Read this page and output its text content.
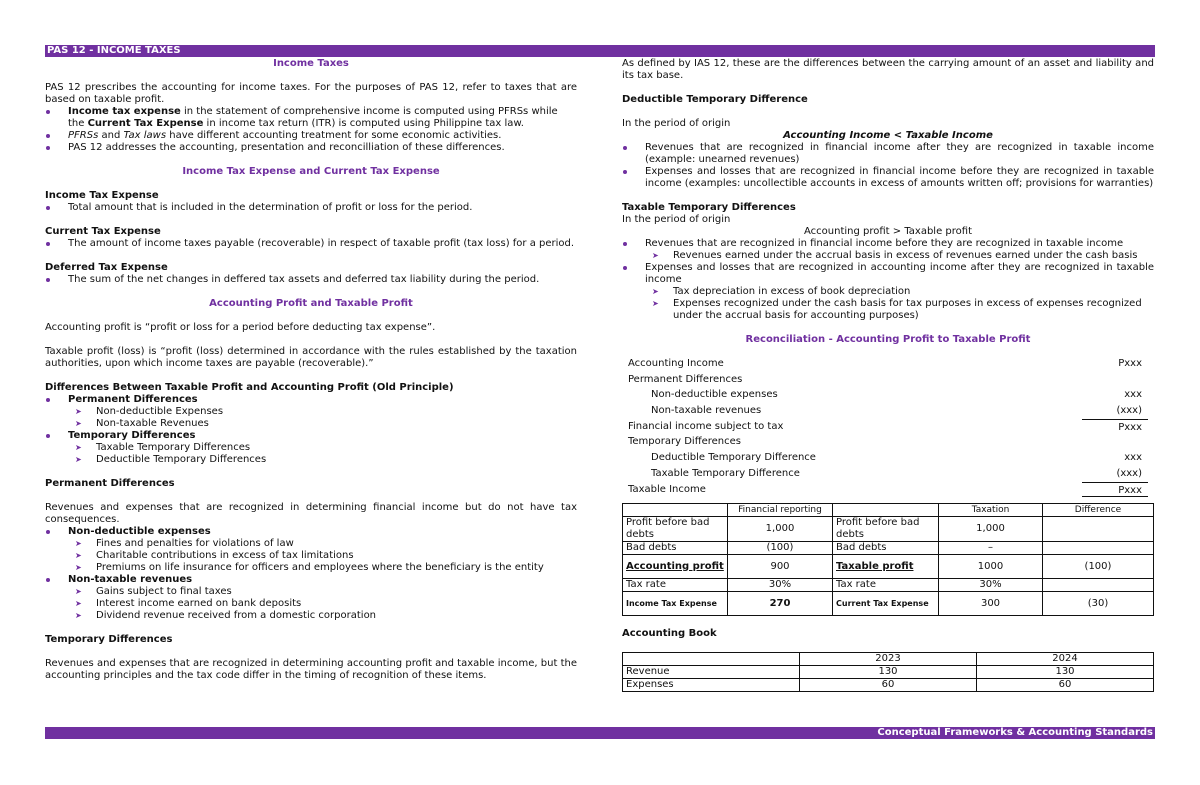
PAS 12 - INCOME TAXES
Income Taxes
PAS 12 prescribes the accounting for income taxes. For the purposes of PAS 12, refer to taxes that are based on taxable profit.
Income tax expense in the statement of comprehensive income is computed using PFRSs while the Current Tax Expense in income tax return (ITR) is computed using Philippine tax law.
PFRSs and Tax laws have different accounting treatment for some economic activities.
PAS 12 addresses the accounting, presentation and reconcilliation of these differences.
Income Tax Expense and Current Tax Expense
Income Tax Expense
Total amount that is included in the determination of profit or loss for the period.
Current Tax Expense
The amount of income taxes payable (recoverable) in respect of taxable profit (tax loss) for a period.
Deferred Tax Expense
The sum of the net changes in deffered tax assets and deferred tax liability during the period.
Accounting Profit and Taxable Profit
Accounting profit is “profit or loss for a period before deducting tax expense”.
Taxable profit (loss) is “profit (loss) determined in accordance with the rules established by the taxation authorities, upon which income taxes are payable (recoverable).”
Differences Between Taxable Profit and Accounting Profit (Old Principle)
Permanent Differences
➤ Non-deductible Expenses
➤ Non-taxable Revenues
Temporary Differences
➤ Taxable Temporary Differences
➤ Deductible Temporary Differences
Permanent Differences
Revenues and expenses that are recognized in determining financial income but do not have tax consequences.
Non-deductible expenses
➤ Fines and penalties for violations of law
➤ Charitable contributions in excess of tax limitations
➤ Premiums on life insurance for officers and employees where the beneficiary is the entity
Non-taxable revenues
➤ Gains subject to final taxes
➤ Interest income earned on bank deposits
➤ Dividend revenue received from a domestic corporation
Temporary Differences
Revenues and expenses that are recognized in determining accounting profit and taxable income, but the accounting principles and the tax code differ in the timing of recognition of these items.
As defined by IAS 12, these are the differences between the carrying amount of an asset and liability and its tax base.
Deductible Temporary Difference
In the period of origin
Accounting Income < Taxable Income
Revenues that are recognized in financial income after they are recognized in taxable income (example: unearned revenues)
Expenses and losses that are recognized in financial income before they are recognized in taxable income (examples: uncollectible accounts in excess of amounts written off; provisions for warranties)
Taxable Temporary Differences
In the period of origin
Accounting profit > Taxable profit
Revenues that are recognized in financial income before they are recognized in taxable income
➤ Revenues earned under the accrual basis in excess of revenues earned under the cash basis
Expenses and losses that are recognized in accounting income after they are recognized in taxable income
➤ Tax depreciation in excess of book depreciation
➤ Expenses recognized under the cash basis for tax purposes in excess of expenses recognized under the accrual basis for accounting purposes)
Reconciliation - Accounting Profit to Taxable Profit
Accounting Income	Pxxx
Permanent Differences
Non-deductible expenses	xxx
Non-taxable revenues	(xxx)
Financial income subject to tax	Pxxx
Temporary Differences
Deductible Temporary Difference	xxx
Taxable Temporary Difference	(xxx)
Taxable Income	Pxxx
	Financial reporting		Taxation	Difference
Profit before bad debts	1,000	Profit before bad debts	1,000	
Bad debts	(100)	Bad debts	–	
Accounting profit	900	Taxable profit	1000	(100)
Tax rate	30%	Tax rate	30%	
Income Tax Expense	270	Current Tax Expense	300	(30)
Accounting Book
	2023	2024
Revenue	130	130
Expenses	60	60
Conceptual Frameworks & Accounting Standards
